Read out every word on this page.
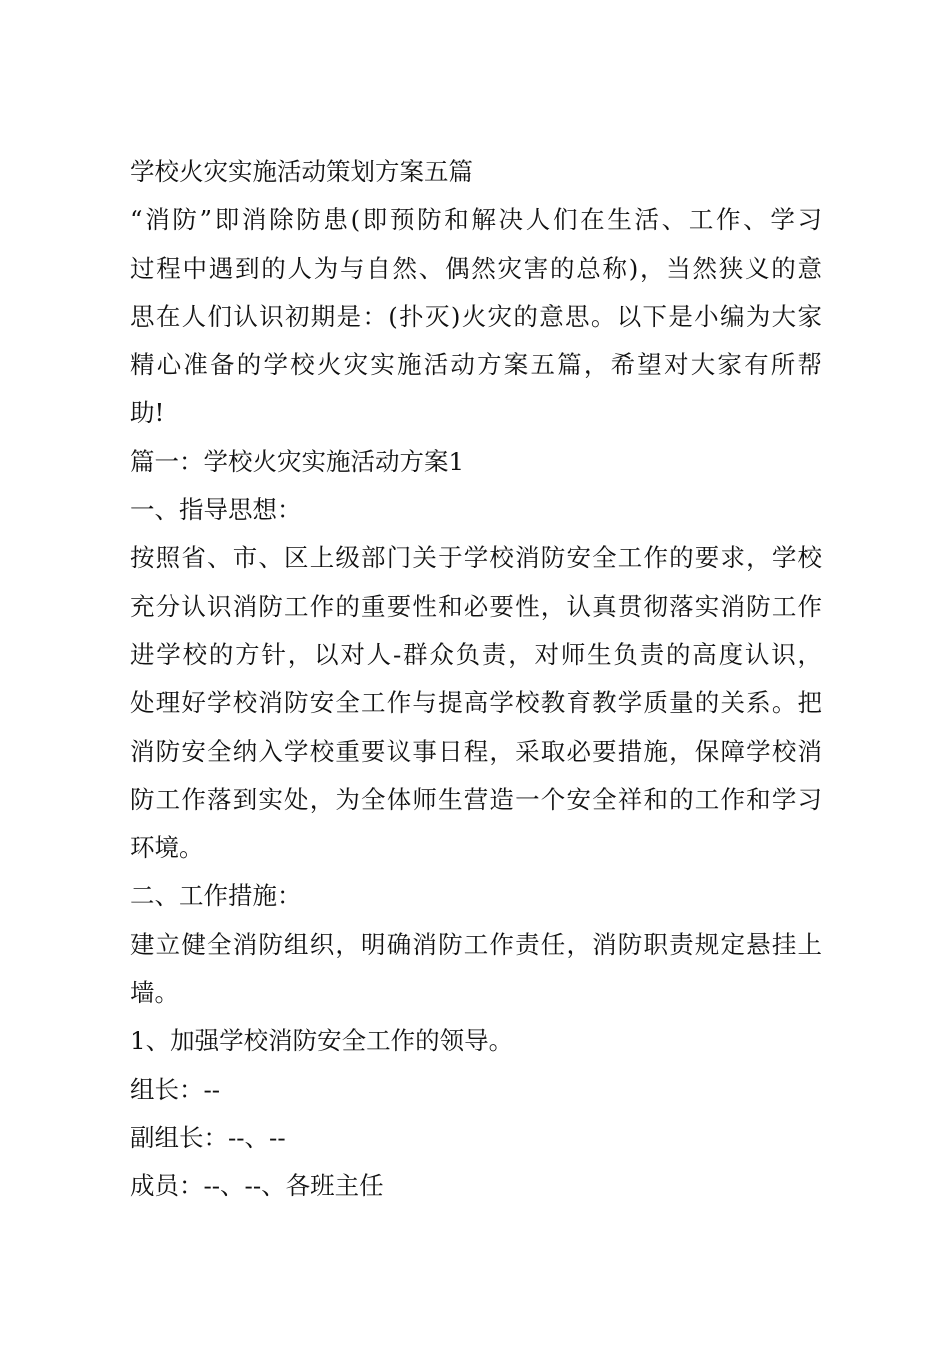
学校火灾实施活动策划方案五篇
“消防”即消除防患(即预防和解决人们在生活、工作、学习
过程中遇到的人为与自然、偶然灾害的总称)，当然狭义的意
思在人们认识初期是：(扑灭)火灾的意思。以下是小编为大家
精心准备的学校火灾实施活动方案五篇，希望对大家有所帮
助!
篇一：学校火灾实施活动方案1
一、指导思想：
按照省、市、区上级部门关于学校消防安全工作的要求，学校
充分认识消防工作的重要性和必要性，认真贯彻落实消防工作
进学校的方针，以对人-群众负责，对师生负责的高度认识，
处理好学校消防安全工作与提高学校教育教学质量的关系。把
消防安全纳入学校重要议事日程，采取必要措施，保障学校消
防工作落到实处，为全体师生营造一个安全祥和的工作和学习
环境。
二、工作措施：
建立健全消防组织，明确消防工作责任，消防职责规定悬挂上
墙。
1、加强学校消防安全工作的领导。
组长：--
副组长：--、--
成员：--、--、各班主任
